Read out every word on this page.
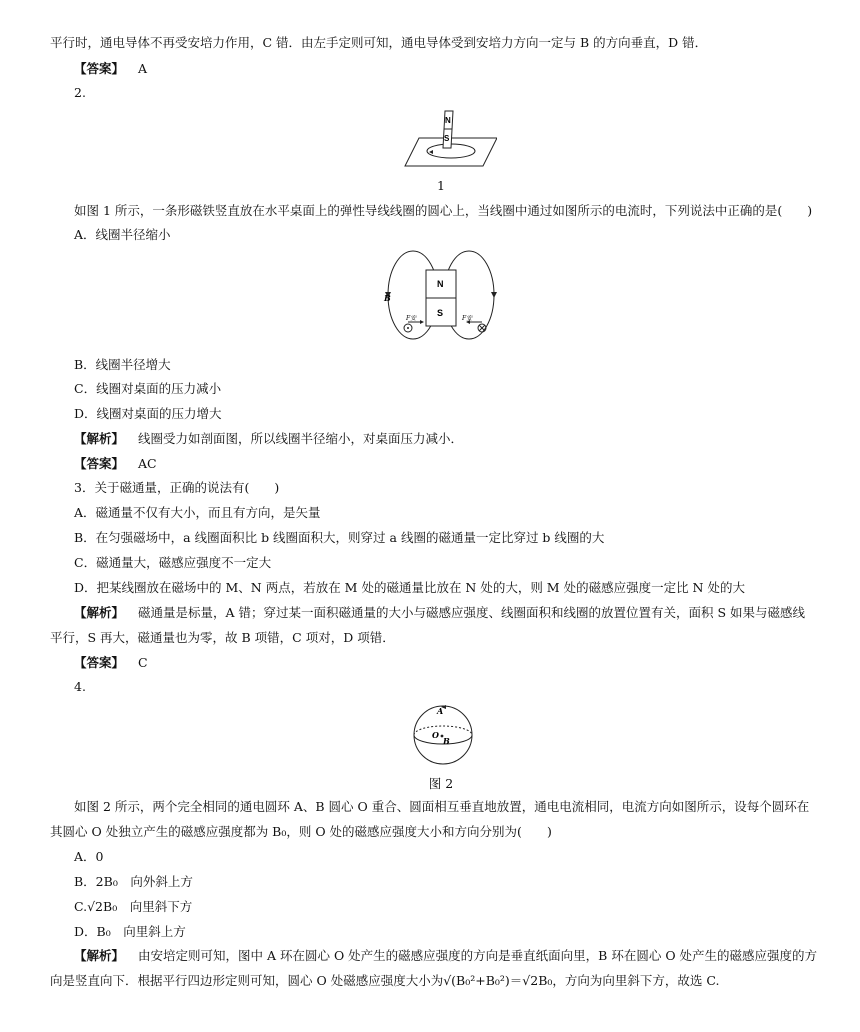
平行时，通电导体不再受安培力作用，C 错．由左手定则可知，通电导体受到安培力方向一定与 B 的方向垂直，D 错．
【答案】 A
2.
N
S
1
如图 1 所示，一条形磁铁竖直放在水平桌面上的弹性导线线圈的圆心上，当线圈中通过如图所示的电流时，下列说法中正确的是(　　)
A．线圈半径缩小
N
S
B
F安	F安
B．线圈半径增大
C．线圈对桌面的压力减小
D．线圈对桌面的压力增大
【解析】 线圈受力如剖面图，所以线圈半径缩小，对桌面压力减小．
【答案】 AC
3．关于磁通量，正确的说法有(　　)
A．磁通量不仅有大小，而且有方向，是矢量
B．在匀强磁场中，a 线圈面积比 b 线圈面积大，则穿过 a 线圈的磁通量一定比穿过 b 线圈的大
C．磁通量大，磁感应强度不一定大
D．把某线圈放在磁场中的 M、N 两点，若放在 M 处的磁通量比放在 N 处的大，则 M 处的磁感应强度一定比 N 处的大
【解析】 磁通量是标量，A 错；穿过某一面积磁通量的大小与磁感应强度、线圈面积和线圈的放置位置有关，面积 S 如果与磁感线
平行，S 再大，磁通量也为零，故 B 项错，C 项对，D 项错．
【答案】 C
4.
A
O
B
图 2
如图 2 所示，两个完全相同的通电圆环 A、B 圆心 O 重合、圆面相互垂直地放置，通电电流相同，电流方向如图所示，设每个圆环在
其圆心 O 处独立产生的磁感应强度都为 B₀，则 O 处的磁感应强度大小和方向分别为(　　)
A．0
B．2B₀　向外斜上方
C.√2B₀　向里斜下方
D．B₀　向里斜上方
【解析】 由安培定则可知，图中 A 环在圆心 O 处产生的磁感应强度的方向是垂直纸面向里，B 环在圆心 O 处产生的磁感应强度的方
向是竖直向下．根据平行四边形定则可知，圆心 O 处磁感应强度大小为√(B₀²+B₀²)＝√2B₀，方向为向里斜下方，故选 C.
